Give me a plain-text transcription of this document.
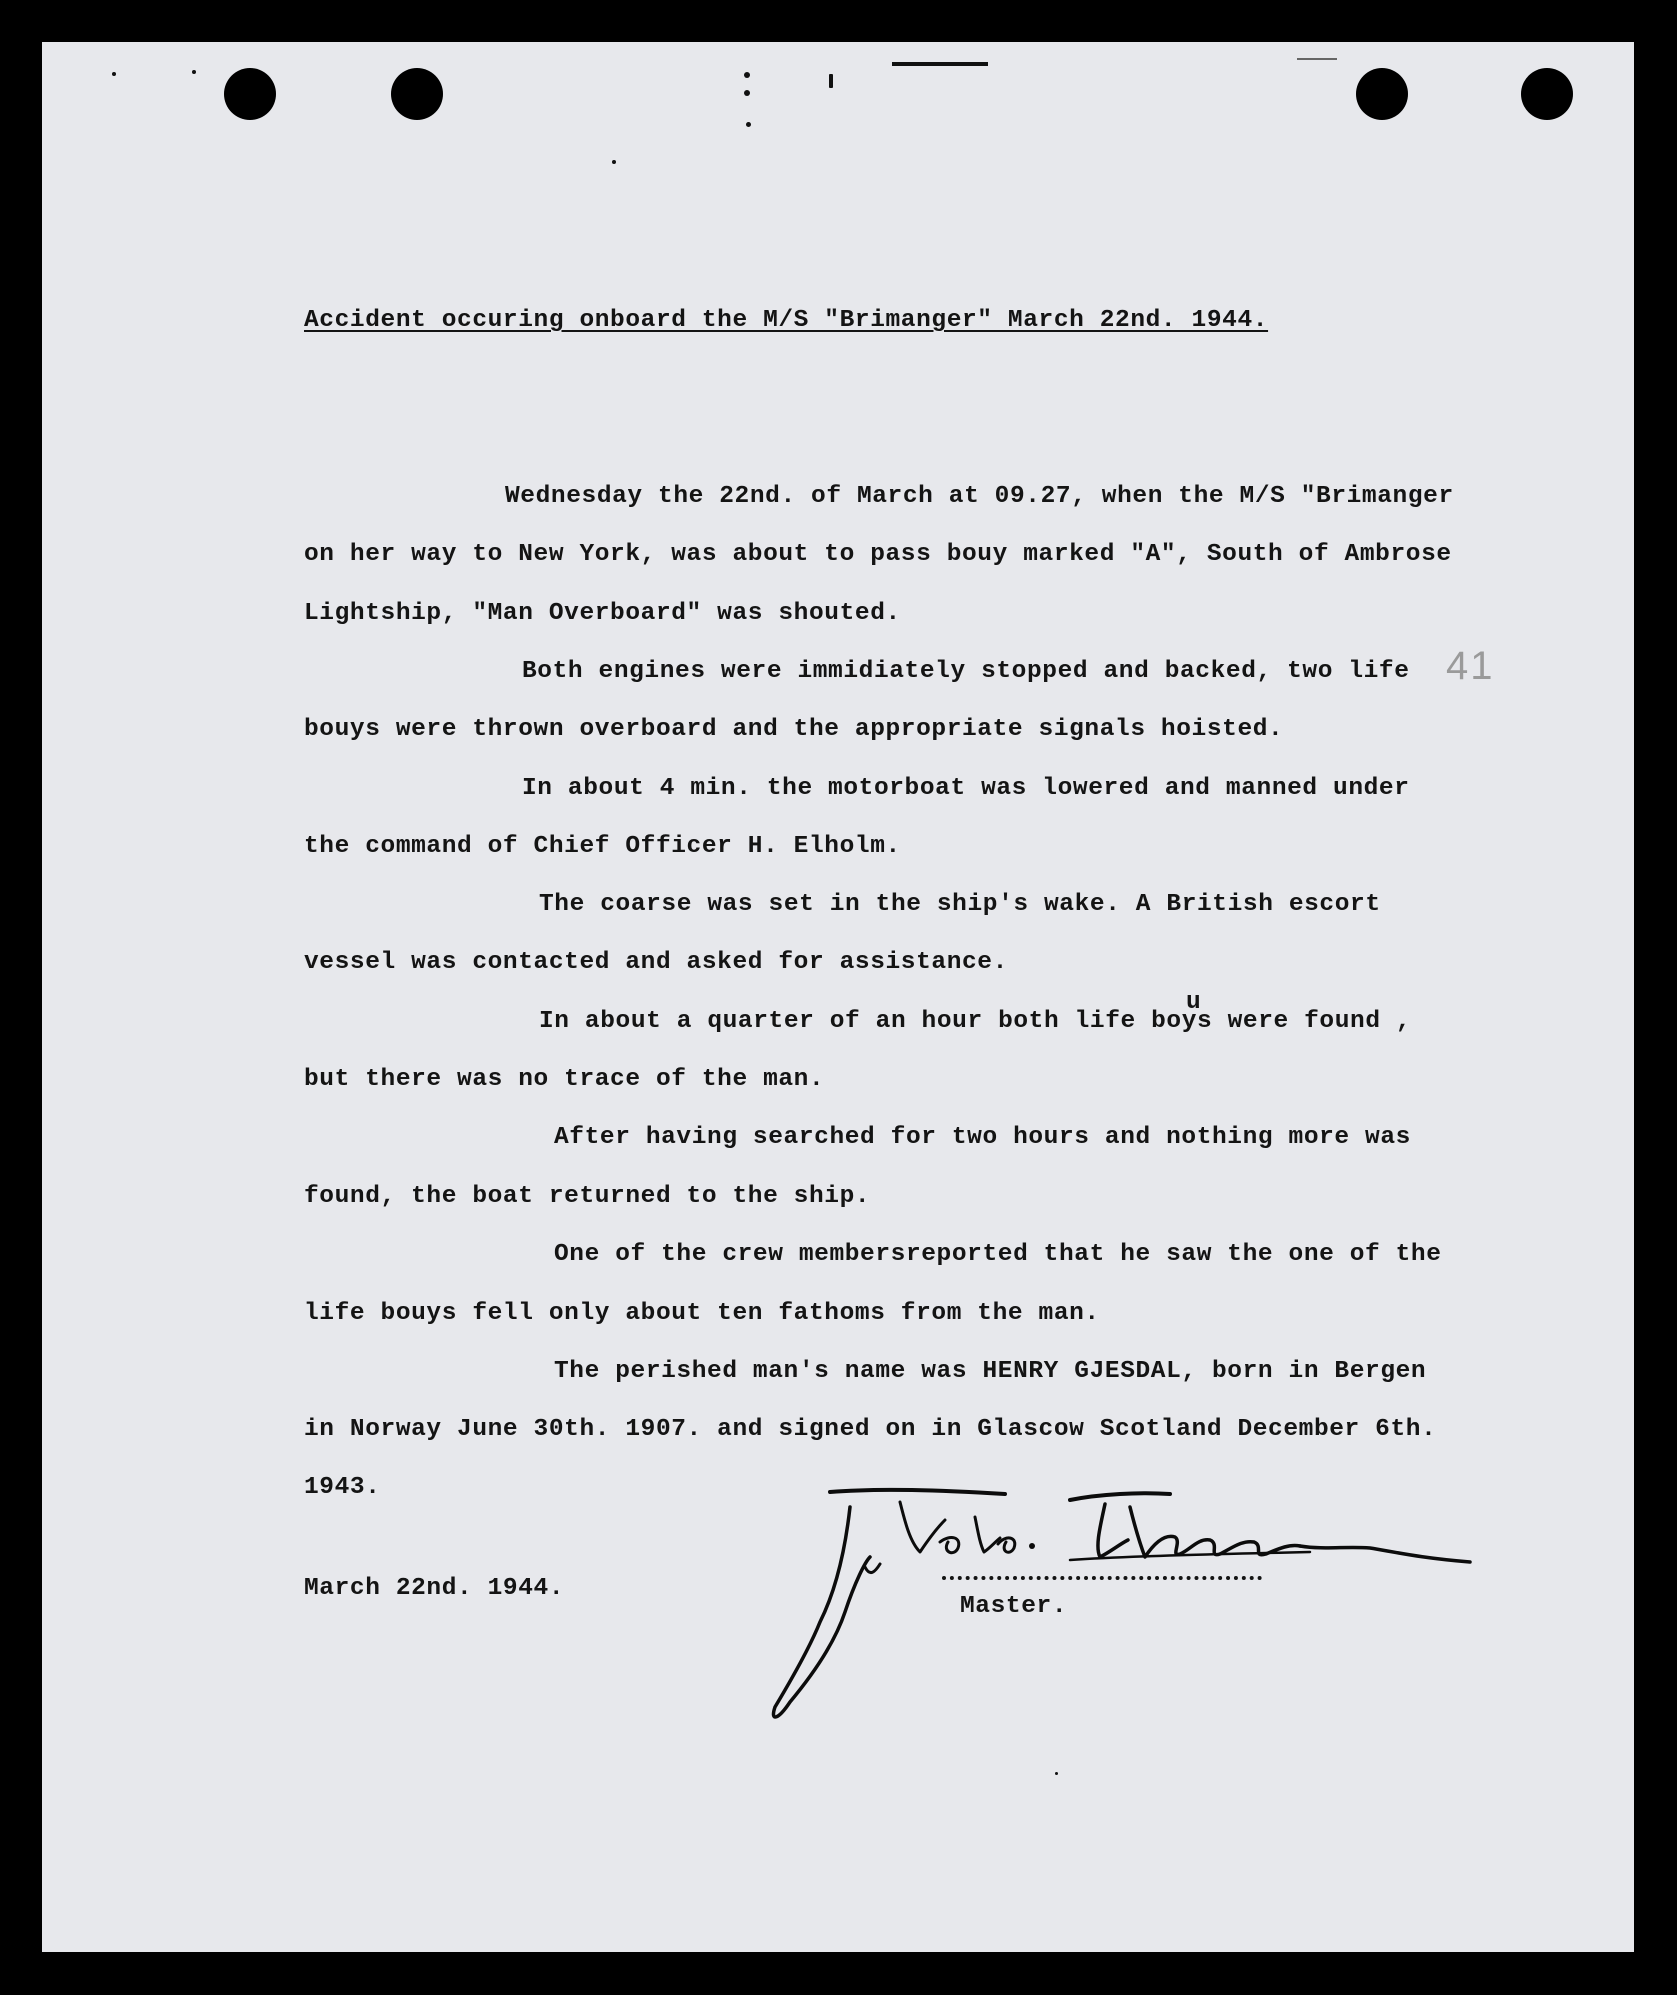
41
Accident occuring onboard the M/S "Brimanger" March 22nd. 1944.
Wednesday the 22nd. of March at 09.27, when the M/S "Brimanger
on her way to New York, was about to pass bouy marked "A", South of Ambrose
Lightship, "Man Overboard" was shouted.
Both engines were immidiately stopped and backed, two life
bouys were thrown overboard and the appropriate signals hoisted.
In about 4 min. the motorboat was lowered and manned under
the command of Chief Officer H. Elholm.
The coarse was set in the ship's wake. A British escort
vessel was contacted and asked for assistance.
u
In about a quarter of an hour both life boys were found ,
but there was no trace of the man.
After having searched for two hours and nothing more was
found, the boat returned to the ship.
One of the crew membersreported that he saw the one of the
life bouys fell only about ten fathoms from the man.
The perished man's name was HENRY GJESDAL, born in Bergen
in Norway June 30th. 1907. and signed on in Glascow Scotland December 6th.
1943.
March 22nd. 1944.
Master.
